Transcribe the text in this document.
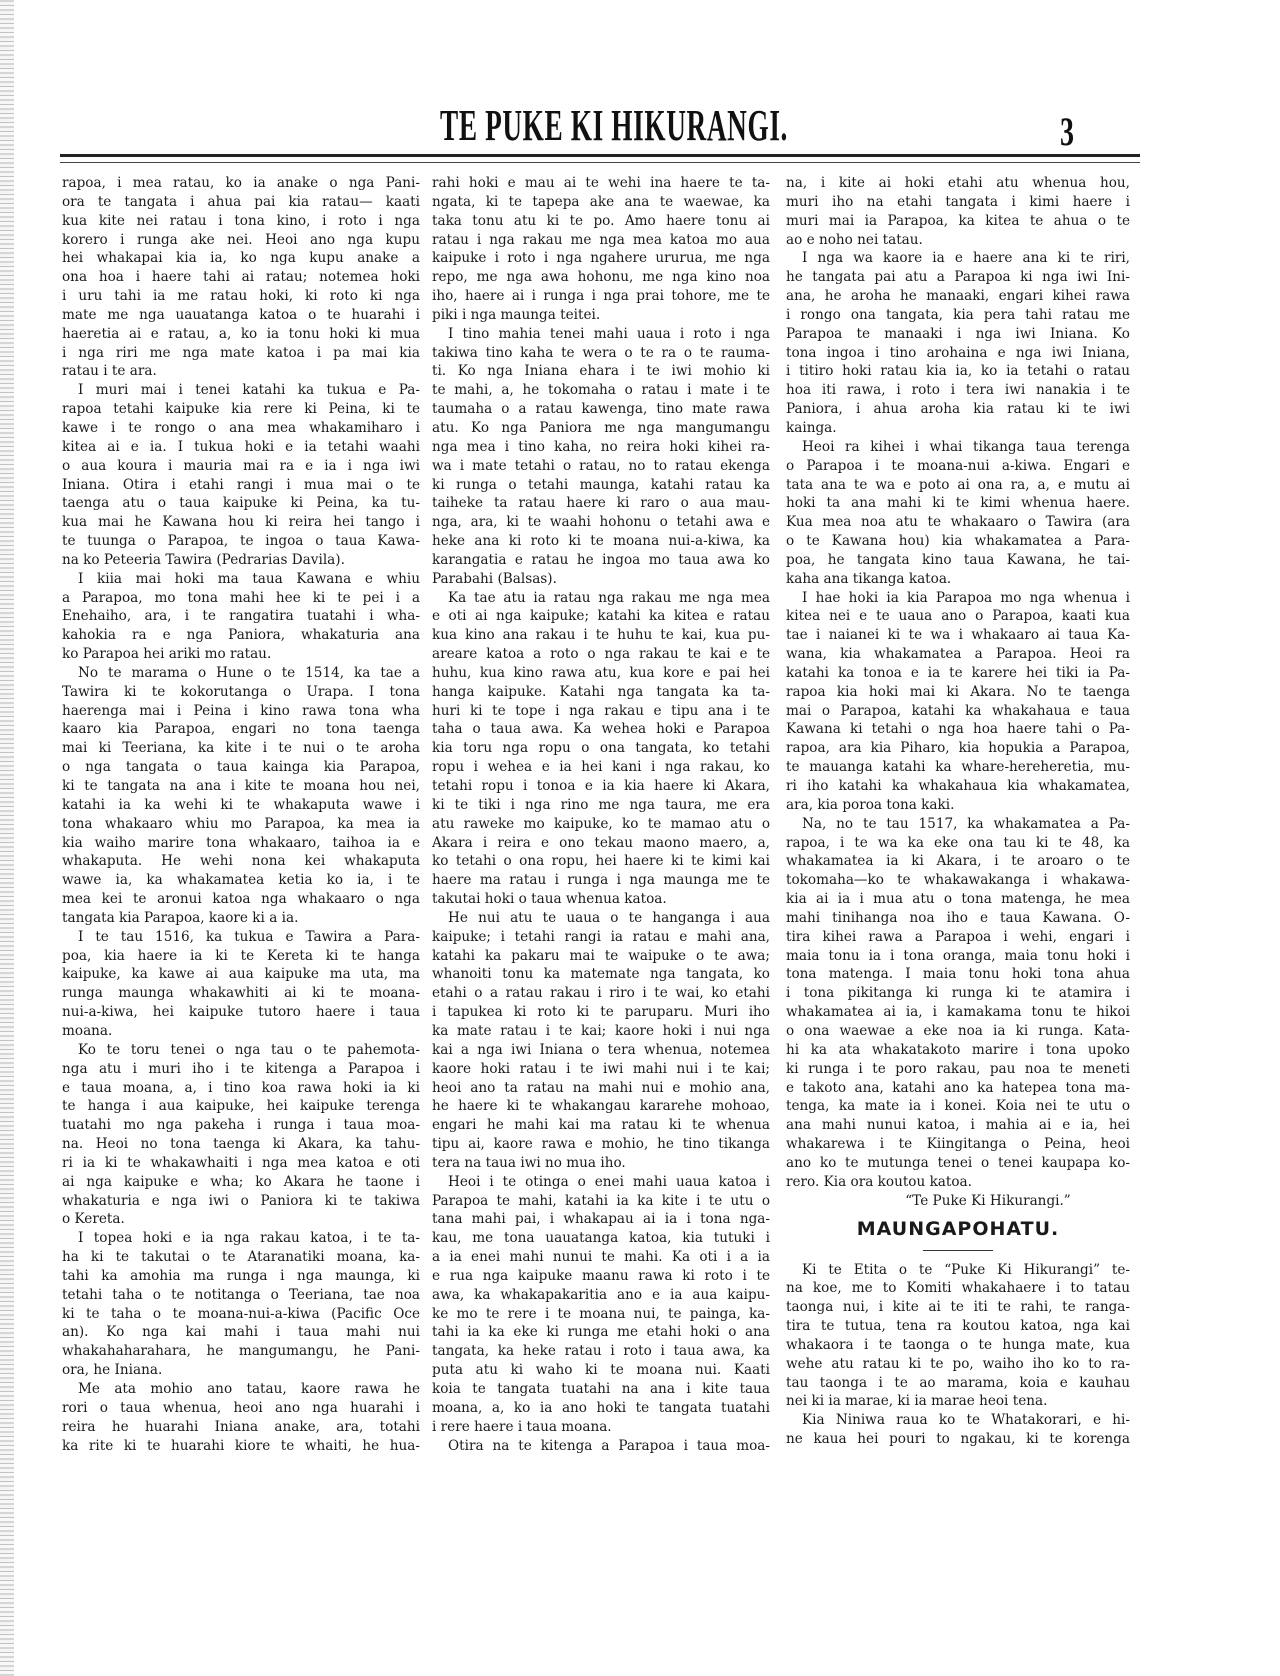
TE PUKE KI HIKURANGI.	3
rapoa, i mea ratau, ko ia anake o nga Pani-
ora te tangata i ahua pai kia ratau— kaati
kua kite nei ratau i tona kino, i roto i nga
korero i runga ake nei. Heoi ano nga kupu
hei whakapai kia ia, ko nga kupu anake a
ona hoa i haere tahi ai ratau; notemea hoki
i uru tahi ia me ratau hoki, ki roto ki nga
mate me nga uauatanga katoa o te huarahi i
haeretia ai e ratau, a, ko ia tonu hoki ki mua
i nga riri me nga mate katoa i pa mai kia
ratau i te ara.
I muri mai i tenei katahi ka tukua e Pa-
rapoa tetahi kaipuke kia rere ki Peina, ki te
kawe i te rongo o ana mea whakamiharo i
kitea ai e ia. I tukua hoki e ia tetahi waahi
o aua koura i mauria mai ra e ia i nga iwi
Iniana. Otira i etahi rangi i mua mai o te
taenga atu o taua kaipuke ki Peina, ka tu-
kua mai he Kawana hou ki reira hei tango i
te tuunga o Parapoa, te ingoa o taua Kawa-
na ko Peteeria Tawira (Pedrarias Davila).
I kiia mai hoki ma taua Kawana e whiu
a Parapoa, mo tona mahi hee ki te pei i a
Enehaiho, ara, i te rangatira tuatahi i wha-
kahokia ra e nga Paniora, whakaturia ana
ko Parapoa hei ariki mo ratau.
No te marama o Hune o te 1514, ka tae a
Tawira ki te kokorutanga o Urapa. I tona
haerenga mai i Peina i kino rawa tona wha
kaaro kia Parapoa, engari no tona taenga
mai ki Teeriana, ka kite i te nui o te aroha
o nga tangata o taua kainga kia Parapoa,
ki te tangata na ana i kite te moana hou nei,
katahi ia ka wehi ki te whakaputa wawe i
tona whakaaro whiu mo Parapoa, ka mea ia
kia waiho marire tona whakaaro, taihoa ia e
whakaputa. He wehi nona kei whakaputa
wawe ia, ka whakamatea ketia ko ia, i te
mea kei te aronui katoa nga whakaaro o nga
tangata kia Parapoa, kaore ki a ia.
I te tau 1516, ka tukua e Tawira a Para-
poa, kia haere ia ki te Kereta ki te hanga
kaipuke, ka kawe ai aua kaipuke ma uta, ma
runga maunga whakawhiti ai ki te moana-
nui-a-kiwa, hei kaipuke tutoro haere i taua
moana.
Ko te toru tenei o nga tau o te pahemota-
nga atu i muri iho i te kitenga a Parapoa i
e taua moana, a, i tino koa rawa hoki ia ki
te hanga i aua kaipuke, hei kaipuke terenga
tuatahi mo nga pakeha i runga i taua moa-
na. Heoi no tona taenga ki Akara, ka tahu-
ri ia ki te whakawhaiti i nga mea katoa e oti
ai nga kaipuke e wha; ko Akara he taone i
whakaturia e nga iwi o Paniora ki te takiwa
o Kereta.
I topea hoki e ia nga rakau katoa, i te ta-
ha ki te takutai o te Ataranatiki moana, ka-
tahi ka amohia ma runga i nga maunga, ki
tetahi taha o te notitanga o Teeriana, tae noa
ki te taha o te moana-nui-a-kiwa (Pacific Oce
an). Ko nga kai mahi i taua mahi nui
whakahaharahara, he mangumangu, he Pani-
ora, he Iniana.
Me ata mohio ano tatau, kaore rawa he
rori o taua whenua, heoi ano nga huarahi i
reira he huarahi Iniana anake, ara, totahi
ka rite ki te huarahi kiore te whaiti, he hua-
rahi hoki e mau ai te wehi ina haere te ta-
ngata, ki te tapepa ake ana te waewae, ka
taka tonu atu ki te po. Amo haere tonu ai
ratau i nga rakau me nga mea katoa mo aua
kaipuke i roto i nga ngahere ururua, me nga
repo, me nga awa hohonu, me nga kino noa
iho, haere ai i runga i nga prai tohore, me te
piki i nga maunga teitei.
I tino mahia tenei mahi uaua i roto i nga
takiwa tino kaha te wera o te ra o te rauma-
ti. Ko nga Iniana ehara i te iwi mohio ki
te mahi, a, he tokomaha o ratau i mate i te
taumaha o a ratau kawenga, tino mate rawa
atu. Ko nga Paniora me nga mangumangu
nga mea i tino kaha, no reira hoki kihei ra-
wa i mate tetahi o ratau, no to ratau ekenga
ki runga o tetahi maunga, katahi ratau ka
taiheke ta ratau haere ki raro o aua mau-
nga, ara, ki te waahi hohonu o tetahi awa e
heke ana ki roto ki te moana nui-a-kiwa, ka
karangatia e ratau he ingoa mo taua awa ko
Parabahi (Balsas).
Ka tae atu ia ratau nga rakau me nga mea
e oti ai nga kaipuke; katahi ka kitea e ratau
kua kino ana rakau i te huhu te kai, kua pu-
areare katoa a roto o nga rakau te kai e te
huhu, kua kino rawa atu, kua kore e pai hei
hanga kaipuke. Katahi nga tangata ka ta-
huri ki te tope i nga rakau e tipu ana i te
taha o taua awa. Ka wehea hoki e Parapoa
kia toru nga ropu o ona tangata, ko tetahi
ropu i wehea e ia hei kani i nga rakau, ko
tetahi ropu i tonoa e ia kia haere ki Akara,
ki te tiki i nga rino me nga taura, me era
atu raweke mo kaipuke, ko te mamao atu o
Akara i reira e ono tekau maono maero, a,
ko tetahi o ona ropu, hei haere ki te kimi kai
haere ma ratau i runga i nga maunga me te
takutai hoki o taua whenua katoa.
He nui atu te uaua o te hanganga i aua
kaipuke; i tetahi rangi ia ratau e mahi ana,
katahi ka pakaru mai te waipuke o te awa;
whanoiti tonu ka matemate nga tangata, ko
etahi o a ratau rakau i riro i te wai, ko etahi
i tapukea ki roto ki te paruparu. Muri iho
ka mate ratau i te kai; kaore hoki i nui nga
kai a nga iwi Iniana o tera whenua, notemea
kaore hoki ratau i te iwi mahi nui i te kai;
heoi ano ta ratau na mahi nui e mohio ana,
he haere ki te whakangau kararehe mohoao,
engari he mahi kai ma ratau ki te whenua
tipu ai, kaore rawa e mohio, he tino tikanga
tera na taua iwi no mua iho.
Heoi i te otinga o enei mahi uaua katoa i
Parapoa te mahi, katahi ia ka kite i te utu o
tana mahi pai, i whakapau ai ia i tona nga-
kau, me tona uauatanga katoa, kia tutuki i
a ia enei mahi nunui te mahi. Ka oti i a ia
e rua nga kaipuke maanu rawa ki roto i te
awa, ka whakapakaritia ano e ia aua kaipu-
ke mo te rere i te moana nui, te painga, ka-
tahi ia ka eke ki runga me etahi hoki o ana
tangata, ka heke ratau i roto i taua awa, ka
puta atu ki waho ki te moana nui. Kaati
koia te tangata tuatahi na ana i kite taua
moana, a, ko ia ano hoki te tangata tuatahi
i rere haere i taua moana.
Otira na te kitenga a Parapoa i taua moa-
na, i kite ai hoki etahi atu whenua hou,
muri iho na etahi tangata i kimi haere i
muri mai ia Parapoa, ka kitea te ahua o te
ao e noho nei tatau.
I nga wa kaore ia e haere ana ki te riri,
he tangata pai atu a Parapoa ki nga iwi Ini-
ana, he aroha he manaaki, engari kihei rawa
i rongo ona tangata, kia pera tahi ratau me
Parapoa te manaaki i nga iwi Iniana. Ko
tona ingoa i tino arohaina e nga iwi Iniana,
i titiro hoki ratau kia ia, ko ia tetahi o ratau
hoa iti rawa, i roto i tera iwi nanakia i te
Paniora, i ahua aroha kia ratau ki te iwi
kainga.
Heoi ra kihei i whai tikanga taua terenga
o Parapoa i te moana-nui a-kiwa. Engari e
tata ana te wa e poto ai ona ra, a, e mutu ai
hoki ta ana mahi ki te kimi whenua haere.
Kua mea noa atu te whakaaro o Tawira (ara
o te Kawana hou) kia whakamatea a Para-
poa, he tangata kino taua Kawana, he tai-
kaha ana tikanga katoa.
I hae hoki ia kia Parapoa mo nga whenua i
kitea nei e te uaua ano o Parapoa, kaati kua
tae i naianei ki te wa i whakaaro ai taua Ka-
wana, kia whakamatea a Parapoa. Heoi ra
katahi ka tonoa e ia te karere hei tiki ia Pa-
rapoa kia hoki mai ki Akara. No te taenga
mai o Parapoa, katahi ka whakahaua e taua
Kawana ki tetahi o nga hoa haere tahi o Pa-
rapoa, ara kia Piharo, kia hopukia a Parapoa,
te mauanga katahi ka whare-hereheretia, mu-
ri iho katahi ka whakahaua kia whakamatea,
ara, kia poroa tona kaki.
Na, no te tau 1517, ka whakamatea a Pa-
rapoa, i te wa ka eke ona tau ki te 48, ka
whakamatea ia ki Akara, i te aroaro o te
tokomaha—ko te whakawakanga i whakawa-
kia ai ia i mua atu o tona matenga, he mea
mahi tinihanga noa iho e taua Kawana. O-
tira kihei rawa a Parapoa i wehi, engari i
maia tonu ia i tona oranga, maia tonu hoki i
tona matenga. I maia tonu hoki tona ahua
i tona pikitanga ki runga ki te atamira i
whakamatea ai ia, i kamakama tonu te hikoi
o ona waewae a eke noa ia ki runga. Kata-
hi ka ata whakatakoto marire i tona upoko
ki runga i te poro rakau, pau noa te meneti
e takoto ana, katahi ano ka hatepea tona ma-
tenga, ka mate ia i konei. Koia nei te utu o
ana mahi nunui katoa, i mahia ai e ia, hei
whakarewa i te Kiingitanga o Peina, heoi
ano ko te mutunga tenei o tenei kaupapa ko-
rero. Kia ora koutou katoa.
“Te Puke Ki Hikurangi.”
MAUNGAPOHATU.
Ki te Etita o te “Puke Ki Hikurangi” te-
na koe, me to Komiti whakahaere i to tatau
taonga nui, i kite ai te iti te rahi, te ranga-
tira te tutua, tena ra koutou katoa, nga kai
whakaora i te taonga o te hunga mate, kua
wehe atu ratau ki te po, waiho iho ko to ra-
tau taonga i te ao marama, koia e kauhau
nei ki ia marae, ki ia marae heoi tena.
Kia Niniwa raua ko te Whatakorari, e hi-
ne kaua hei pouri to ngakau, ki te korenga
